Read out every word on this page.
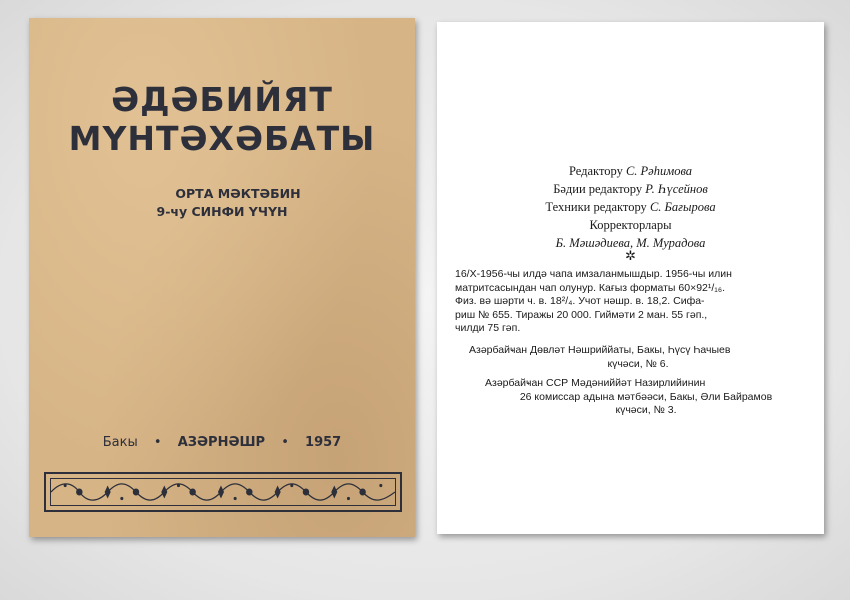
ӘДӘБИЙЯТ
МҮНТӘХӘБАТЫ
ОРТА МӘКТӘБИН
9-чу СИНФИ ҮЧҮН
Бакы • АЗӘРНӘШР • 1957
Редактору С. Рәһимова
Бәдии редактору Р. Һүсейнов
Техники редактору С. Бағырова
Корректорлары
Б. Мәшәдиева, М. Мурадова
✲
16/X-1956-чы илдә чапа имзаланмышдыр. 1956-чы илин
матритсасындан чап олунур. Кағыз форматы 60×92¹/₁₆.
Физ. вә шәрти ч. в. 18²/₄. Учот нәшр. в. 18,2. Сифа-
риш № 655. Тиражы 20 000. Гиймәти 2 ман. 55 гәп.,
чилди 75 гәп.
Азәрбайҹан Дөвләт Нәшриййаты, Бакы, Һүсү Һачыев
күчәси, № 6.
Азәрбайҹан ССР Мәдәниййәт Назирлийинин
26 комиссар адына мәтбәәси, Бакы, Әли Байрамов
күчәси, № 3.
